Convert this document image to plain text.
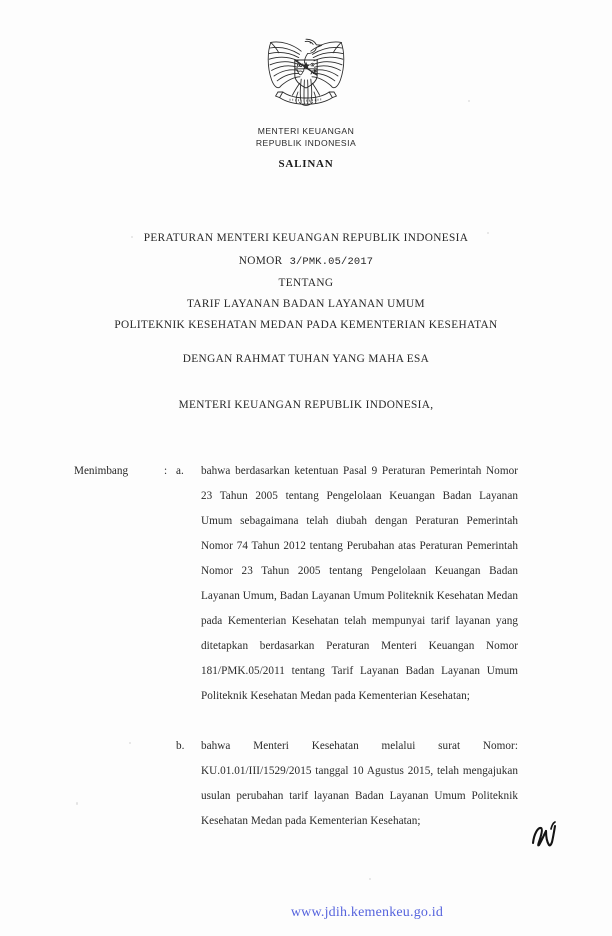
MENTERI KEUANGAN
REPUBLIK INDONESIA
SALINAN
PERATURAN MENTERI KEUANGAN REPUBLIK INDONESIA
NOMOR 3/PMK.05/2017
TENTANG
TARIF LAYANAN BADAN LAYANAN UMUM
POLITEKNIK KESEHATAN MEDAN PADA KEMENTERIAN KESEHATAN
DENGAN RAHMAT TUHAN YANG MAHA ESA
MENTERI KEUANGAN REPUBLIK INDONESIA,
Menimbang	: a.	bahwa berdasarkan ketentuan Pasal 9 Peraturan Pemerintah Nomor 23 Tahun 2005 tentang Pengelolaan Keuangan Badan Layanan Umum sebagaimana telah diubah dengan Peraturan Pemerintah Nomor 74 Tahun 2012 tentang Perubahan atas Peraturan Pemerintah Nomor 23 Tahun 2005 tentang Pengelolaan Keuangan Badan Layanan Umum, Badan Layanan Umum Politeknik Kesehatan Medan pada Kementerian Kesehatan telah mempunyai tarif layanan yang ditetapkan berdasarkan Peraturan Menteri Keuangan Nomor 181/PMK.05/2011 tentang Tarif Layanan Badan Layanan Umum Politeknik Kesehatan Medan pada Kementerian Kesehatan;
b.	bahwa Menteri Kesehatan melalui surat Nomor: KU.01.01/III/1529/2015 tanggal 10 Agustus 2015, telah mengajukan usulan perubahan tarif layanan Badan Layanan Umum Politeknik Kesehatan Medan pada Kementerian Kesehatan;
www.jdih.kemenkeu.go.id
